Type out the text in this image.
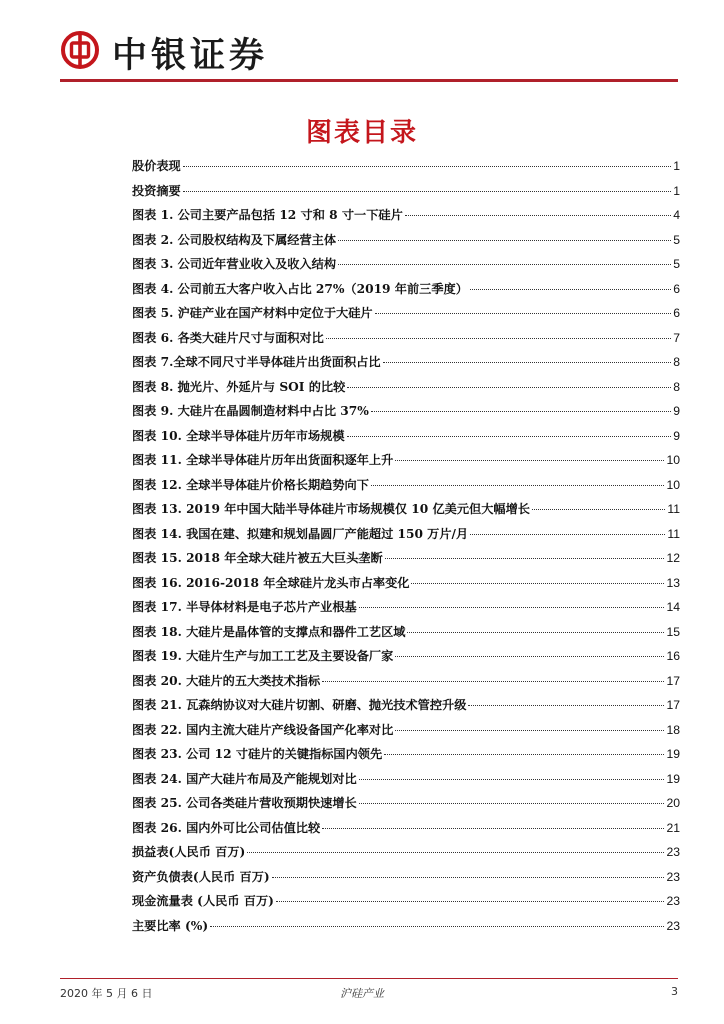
中银证券
图表目录
股价表现	1
投资摘要	1
图表 1. 公司主要产品包括 12 寸和 8 寸一下硅片	4
图表 2. 公司股权结构及下属经营主体	5
图表 3. 公司近年营业收入及收入结构	5
图表 4. 公司前五大客户收入占比 27%（2019 年前三季度）	6
图表 5. 沪硅产业在国产材料中定位于大硅片	6
图表 6. 各类大硅片尺寸与面积对比	7
图表 7.全球不同尺寸半导体硅片出货面积占比	8
图表 8. 抛光片、外延片与 SOI 的比较	8
图表 9. 大硅片在晶圆制造材料中占比 37%	9
图表 10. 全球半导体硅片历年市场规模	9
图表 11. 全球半导体硅片历年出货面积逐年上升	10
图表 12. 全球半导体硅片价格长期趋势向下	10
图表 13. 2019 年中国大陆半导体硅片市场规模仅 10 亿美元但大幅增长	11
图表 14. 我国在建、拟建和规划晶圆厂产能超过 150 万片/月	11
图表 15. 2018 年全球大硅片被五大巨头垄断	12
图表 16. 2016-2018 年全球硅片龙头市占率变化	13
图表 17. 半导体材料是电子芯片产业根基	14
图表 18. 大硅片是晶体管的支撑点和器件工艺区域	15
图表 19. 大硅片生产与加工工艺及主要设备厂家	16
图表 20. 大硅片的五大类技术指标	17
图表 21. 瓦森纳协议对大硅片切割、研磨、抛光技术管控升级	17
图表 22. 国内主流大硅片产线设备国产化率对比	18
图表 23. 公司 12 寸硅片的关键指标国内领先	19
图表 24. 国产大硅片布局及产能规划对比	19
图表 25. 公司各类硅片营收预期快速增长	20
图表 26. 国内外可比公司估值比较	21
损益表(人民币 百万)	23
资产负债表(人民币 百万)	23
现金流量表 (人民币 百万)	23
主要比率 (%)	23
2020 年 5 月 6 日	沪硅产业	3
